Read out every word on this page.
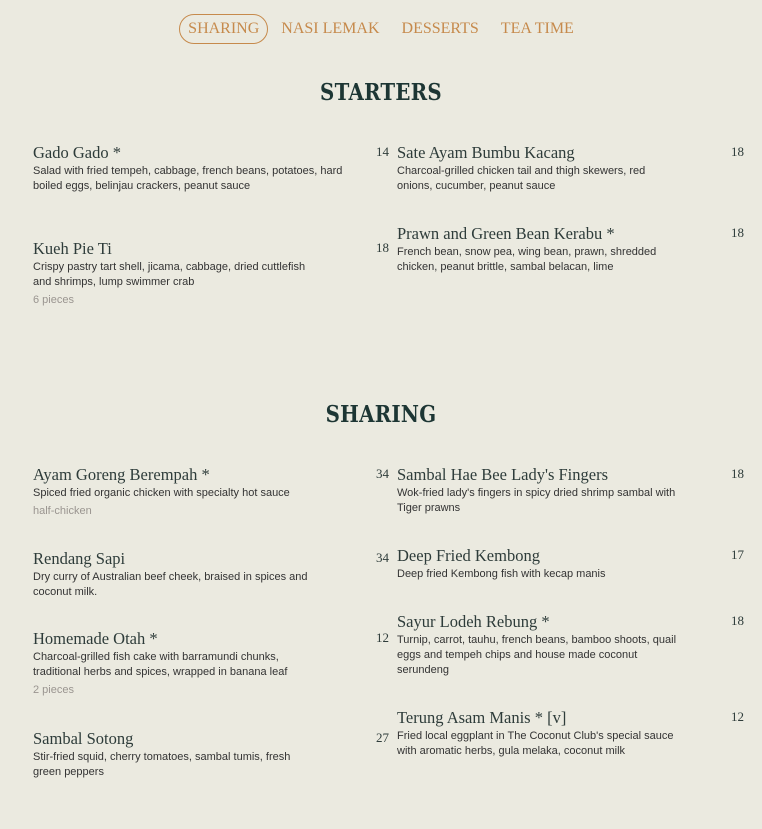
SHARING	NASI LEMAK	DESSERTS	TEA TIME
STARTERS
Gado Gado *	14
Salad with fried tempeh, cabbage, french beans, potatoes, hard boiled eggs, belinjau crackers, peanut sauce
Sate Ayam Bumbu Kacang	18
Charcoal-grilled chicken tail and thigh skewers, red onions, cucumber, peanut sauce
Kueh Pie Ti	18
Crispy pastry tart shell, jicama, cabbage, dried cuttlefish and shrimps, lump swimmer crab
6 pieces
Prawn and Green Bean Kerabu *	18
French bean, snow pea, wing bean, prawn, shredded chicken, peanut brittle, sambal belacan, lime
SHARING
Ayam Goreng Berempah *	34
Spiced fried organic chicken with specialty hot sauce
half-chicken
Sambal Hae Bee Lady's Fingers	18
Wok-fried lady's fingers in spicy dried shrimp sambal with Tiger prawns
Rendang Sapi	34
Dry curry of Australian beef cheek, braised in spices and coconut milk.
Deep Fried Kembong	17
Deep fried Kembong fish with kecap manis
Homemade Otah *	12
Charcoal-grilled fish cake with barramundi chunks, traditional herbs and spices, wrapped in banana leaf
2 pieces
Sayur Lodeh Rebung *	18
Turnip, carrot, tauhu, french beans, bamboo shoots, quail eggs and tempeh chips and house made coconut serundeng
Sambal Sotong	27
Stir-fried squid, cherry tomatoes, sambal tumis, fresh green peppers
Terung Asam Manis * [v]	12
Fried local eggplant in The Coconut Club's special sauce with aromatic herbs, gula melaka, coconut milk
